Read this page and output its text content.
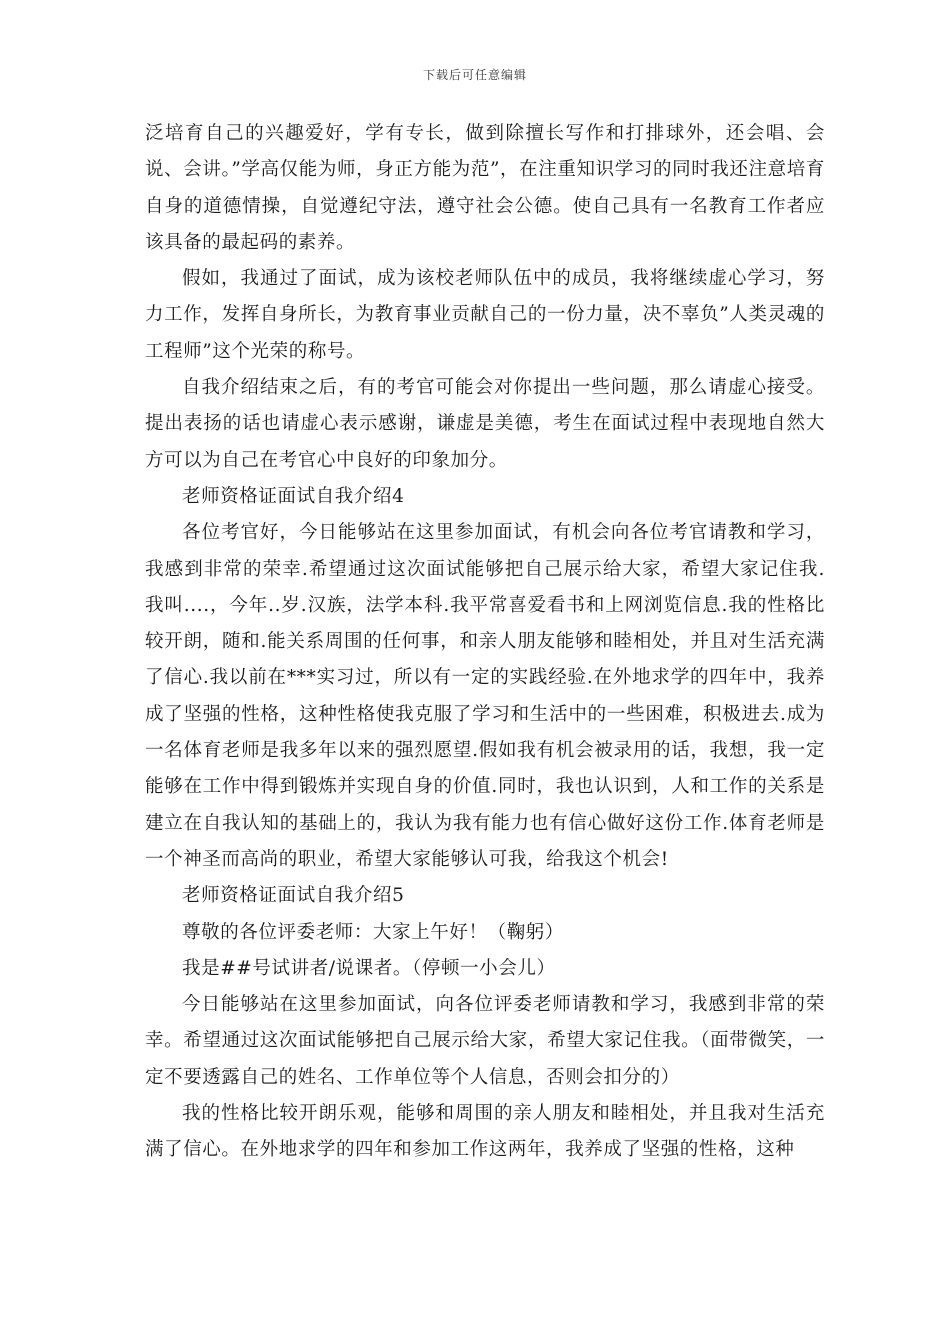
下载后可任意编辑

泛培育自己的兴趣爱好，学有专长，做到除擅长写作和打排球外，还会唱、会说、会讲。”学高仅能为师，身正方能为范”，在注重知识学习的同时我还注意培育自身的道德情操，自觉遵纪守法，遵守社会公德。使自己具有一名教育工作者应该具备的最起码的素养。

假如，我通过了面试，成为该校老师队伍中的成员，我将继续虚心学习，努力工作，发挥自身所长，为教育事业贡献自己的一份力量，决不辜负”人类灵魂的工程师”这个光荣的称号。

自我介绍结束之后，有的考官可能会对你提出一些问题，那么请虚心接受。提出表扬的话也请虚心表示感谢，谦虚是美德，考生在面试过程中表现地自然大方可以为自己在考官心中良好的印象加分。

老师资格证面试自我介绍4

各位考官好，今日能够站在这里参加面试，有机会向各位考官请教和学习，我感到非常的荣幸.希望通过这次面试能够把自己展示给大家，希望大家记住我.我叫....，今年..岁.汉族，法学本科.我平常喜爱看书和上网浏览信息.我的性格比较开朗，随和.能关系周围的任何事，和亲人朋友能够和睦相处，并且对生活充满了信心.我以前在***实习过，所以有一定的实践经验.在外地求学的四年中，我养成了坚强的性格，这种性格使我克服了学习和生活中的一些困难，积极进去.成为一名体育老师是我多年以来的强烈愿望.假如我有机会被录用的话，我想，我一定能够在工作中得到锻炼并实现自身的价值.同时，我也认识到，人和工作的关系是建立在自我认知的基础上的，我认为我有能力也有信心做好这份工作.体育老师是一个神圣而高尚的职业，希望大家能够认可我，给我这个机会!

老师资格证面试自我介绍5

尊敬的各位评委老师：大家上午好！（鞠躬）

我是##号试讲者/说课者。（停顿一小会儿）

今日能够站在这里参加面试，向各位评委老师请教和学习，我感到非常的荣幸。希望通过这次面试能够把自己展示给大家，希望大家记住我。（面带微笑，一定不要透露自己的姓名、工作单位等个人信息，否则会扣分的）

我的性格比较开朗乐观，能够和周围的亲人朋友和睦相处，并且我对生活充满了信心。在外地求学的四年和参加工作这两年，我养成了坚强的性格，这种
